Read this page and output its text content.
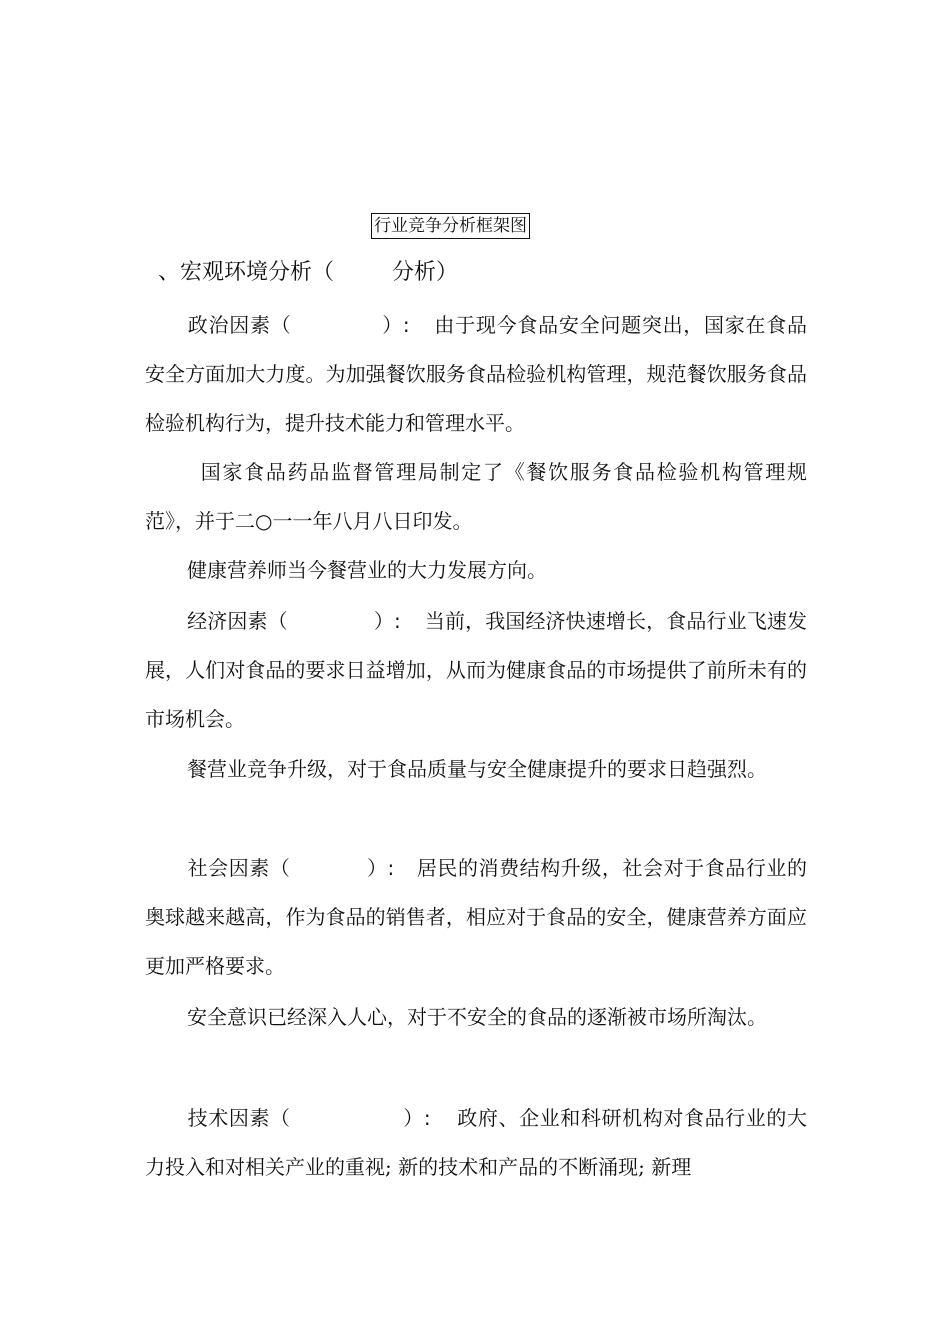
行业竞争分析框架图
、宏观环境分析（	分析）
政治因素（	）: 由于现今食品安全问题突出，国家在食品安全方面加大力度。为加强餐饮服务食品检验机构管理，规范餐饮服务食品检验机构行为，提升技术能力和管理水平。
国家食品药品监督管理局制定了《餐饮服务食品检验机构管理规范》，并于二○一一年八月八日印发。
健康营养师当今餐营业的大力发展方向。
经济因素（	）: 当前，我国经济快速增长，食品行业飞速发展，人们对食品的要求日益增加，从而为健康食品的市场提供了前所未有的市场机会。
餐营业竞争升级，对于食品质量与安全健康提升的要求日趋强烈。
社会因素（	）: 居民的消费结构升级，社会对于食品行业的奥球越来越高，作为食品的销售者，相应对于食品的安全，健康营养方面应更加严格要求。
安全意识已经深入人心，对于不安全的食品的逐渐被市场所淘汰。
技术因素（	）: 政府、企业和科研机构对食品行业的大力投入和对相关产业的重视; 新的技术和产品的不断涌现; 新理
